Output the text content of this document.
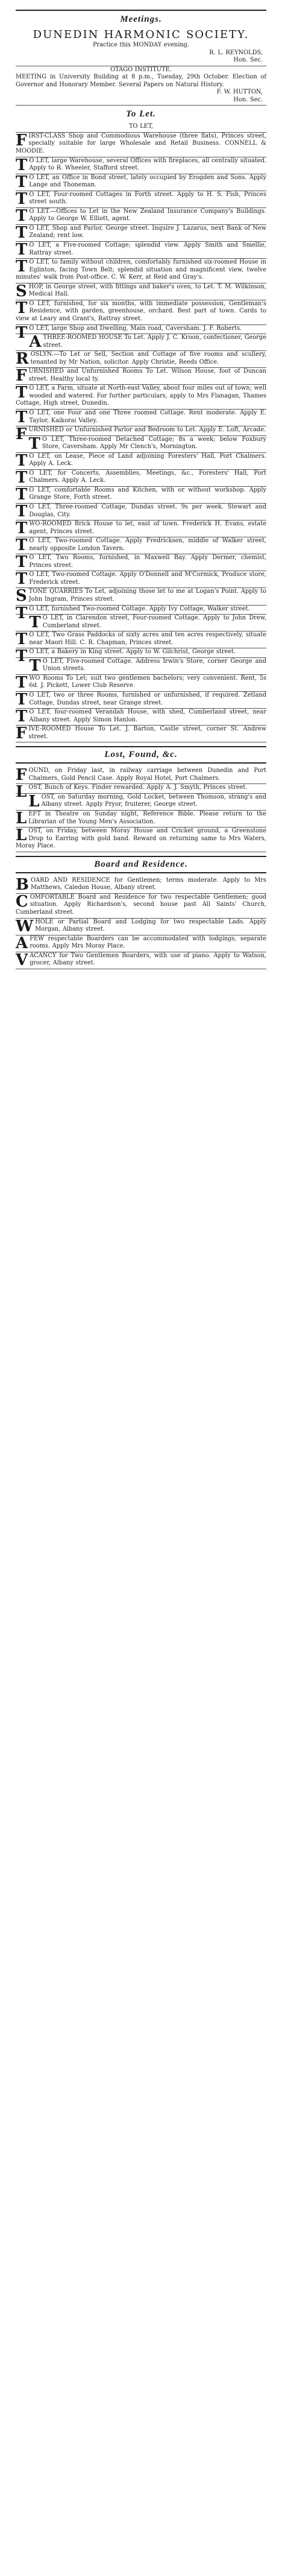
Meetings.
DUNEDIN HARMONIC SOCIETY.
Practice this MONDAY evening.
R. L. REYNOLDS,
Hon. Sec.
OTAGO INSTITUTE.
MEETING in University Building at 8 p.m., Tuesday, 29th October. Election of Governor and Honorary Member. Several Papers on Natural History.
F. W. HUTTON,
Hon. Sec.
To Let.
TO LET,
FIRST-CLASS Shop and Commodious Warehouse (three flats), Princes street, specially suitable for large Wholesale and Retail Business. CONNELL & MOODIE.
TO LET, large Warehouse, several Offices with fireplaces, all centrally situated. Apply to R. Wheeler, Stafford street.
TO LET, an Office in Bond street, lately occupied by Erogden and Sons. Apply Lange and Thoneman.
TO LET, Four-roomed Cottages in Forth street. Apply to H. S. Fish, Princes street south.
TO LET.—Offices to Let in the New Zealand Insurance Company's Buildings. Apply to George W. Elliott, agent.
TO LET, Shop and Parlor, George street. Inquire J. Lazarus, next Bank of New Zealand; rent low.
TO LET, a Five-roomed Cottage; splendid view. Apply Smith and Smellie, Rattray street.
TO LET, to family without children, comfortably furnished six-roomed House in Eglinton, facing Town Belt; splendid situation and magnificent view, twelve minutes' walk from Post-office. C. W. Kerr, at Reid and Gray's.
SHOP, in George street, with fittings and baker's oven, to Let. T. M. Wilkinson, Medical Hall.
TO LET, furnished, for six months, with immediate possession, Gentleman's Residence, with garden, greenhouse, orchard. Best part of town. Cards to view at Leary and Grant's, Rattray street.
TO LET, large Shop and Dwelling, Main road, Caversham. J. F. Roberts.
ATHREE-ROOMED HOUSE To Let. Apply J. C. Kroon, confectioner, George street.
ROSLYN.—To Let or Sell, Section and Cottage of five rooms and scullery, tenanted by Mr Nation, solicitor. Apply Christie, Reeds Office.
FURNISHED and Unfurnished Rooms To Let. Wilson House, foot of Duncan street. Healthy local ty.
TO LET, a Farm, situate at North-east Valley, about four miles out of town; well wooded and watered. For further particulars, apply to Mrs Flanagan, Thames Cottage, High street, Dunedin.
TO LET, one Four and one Three roomed Cottage. Rent moderate. Apply E. Taylor, Kaikorai Valley.
FURNISHED or Unfurnished Parlor and Bedroom to Let. Apply E. Loft, Arcade.
TO LET, Three-roomed Detached Cottage; 8s a week; below Foxbury Store, Caversham. Apply Mr Clench's, Mornington.
TO LET, on Lease, Piece of Land adjoining Foresters' Hall, Port Chalmers. Apply A. Leck.
TO LET, for Concerts, Assemblies, Meetings, &c., Foresters' Hall, Port Chalmers. Apply A. Leck.
TO LET, comfortable Rooms and Kitchen, with or without workshop. Apply Grange Store, Forth street.
TO LET, Three-roomed Cottage, Dundas street. 9s per week. Stewart and Douglas, City.
TWO-ROOMED Brick House to let, east of town. Frederick H. Evans, estate agent, Princes street.
TO LET, Two-roomed Cottage. Apply Fredricksen, middle of Walker street, nearly opposite London Tavern.
TO LET, Two Rooms, furnished, in Maxwell Bay. Apply Dermer, chemist, Princes street.
TO LET, Two-roomed Cottage. Apply O'Donnell and M'Cormick, Produce store, Frederick street.
STONE QUARRIES To Let, adjoining those let to me at Logan's Point. Apply to John Ingram, Princes street.
TO LET, furnished Two-roomed Cottage. Apply Ivy Cottage, Walker street.
TO LET, in Clarendon street, Four-roomed Cottage. Apply to John Drew, Cumberland street.
TO LET, Two Grass Paddocks of sixty acres and ten acres respectively, situate near Maori Hill. C. R. Chapman, Princes street.
TO LET, a Bakery in King street. Apply to W. Gilchrist, George street.
TO LET, Five-roomed Cottage. Address Irwin's Store, corner George and Union streets.
TWO Rooms To Let; suit two gentlemen bachelors; very convenient. Rent, 5s 6d. J. Pickett, Lower Club Reserve.
TO LET, two or three Rooms, furnished or unfurnished, if required. Zetland Cottage, Dundas street, near Grange street.
TO LET, four-roomed Verandah House, with shed, Cumberland street, near Albany street. Apply Simon Hanlon.
FIVE-ROOMED House To Let. J. Barton, Castle street, corner St. Andrew street.
Lost, Found, &c.
FOUND, on Friday last, in railway carriage between Dunedin and Port Chalmers, Gold Pencil Case. Apply Royal Hotel, Port Chalmers.
LOST, Bunch of Keys. Finder rewarded. Apply A. J. Smyth, Princes street.
LOST, on Saturday morning, Gold Locket, between Thomson, strang's and Albany street. Apply Pryor, fruiterer, George street.
LEFT in Theatre on Sunday night, Reference Bible. Please return to the Librarian of the Young Men's Association.
LOST, on Friday, between Moray House and Cricket ground, a Greenstone Drop to Earring with gold band. Reward on returning same to Mrs Waters, Moray Place.
Board and Residence.
BOARD AND RESIDENCE for Gentlemen; terms moderate. Apply to Mrs Matthews, Caledon House, Albany street.
COMFORTABLE Board and Residence for two respectable Gentlemen; good situation. Apply Richardson's, second house past All Saints' Church, Cumberland street.
WHOLE or Partial Board and Lodging for two respectable Lads. Apply Morgan, Albany street.
AFEW respectable Boarders can be accommodated with lodgings, separate rooms. Apply Mrs Moray Place.
VACANCY for Two Gentlemen Boarders, with use of piano. Apply to Watson, grocer, Albany street.
